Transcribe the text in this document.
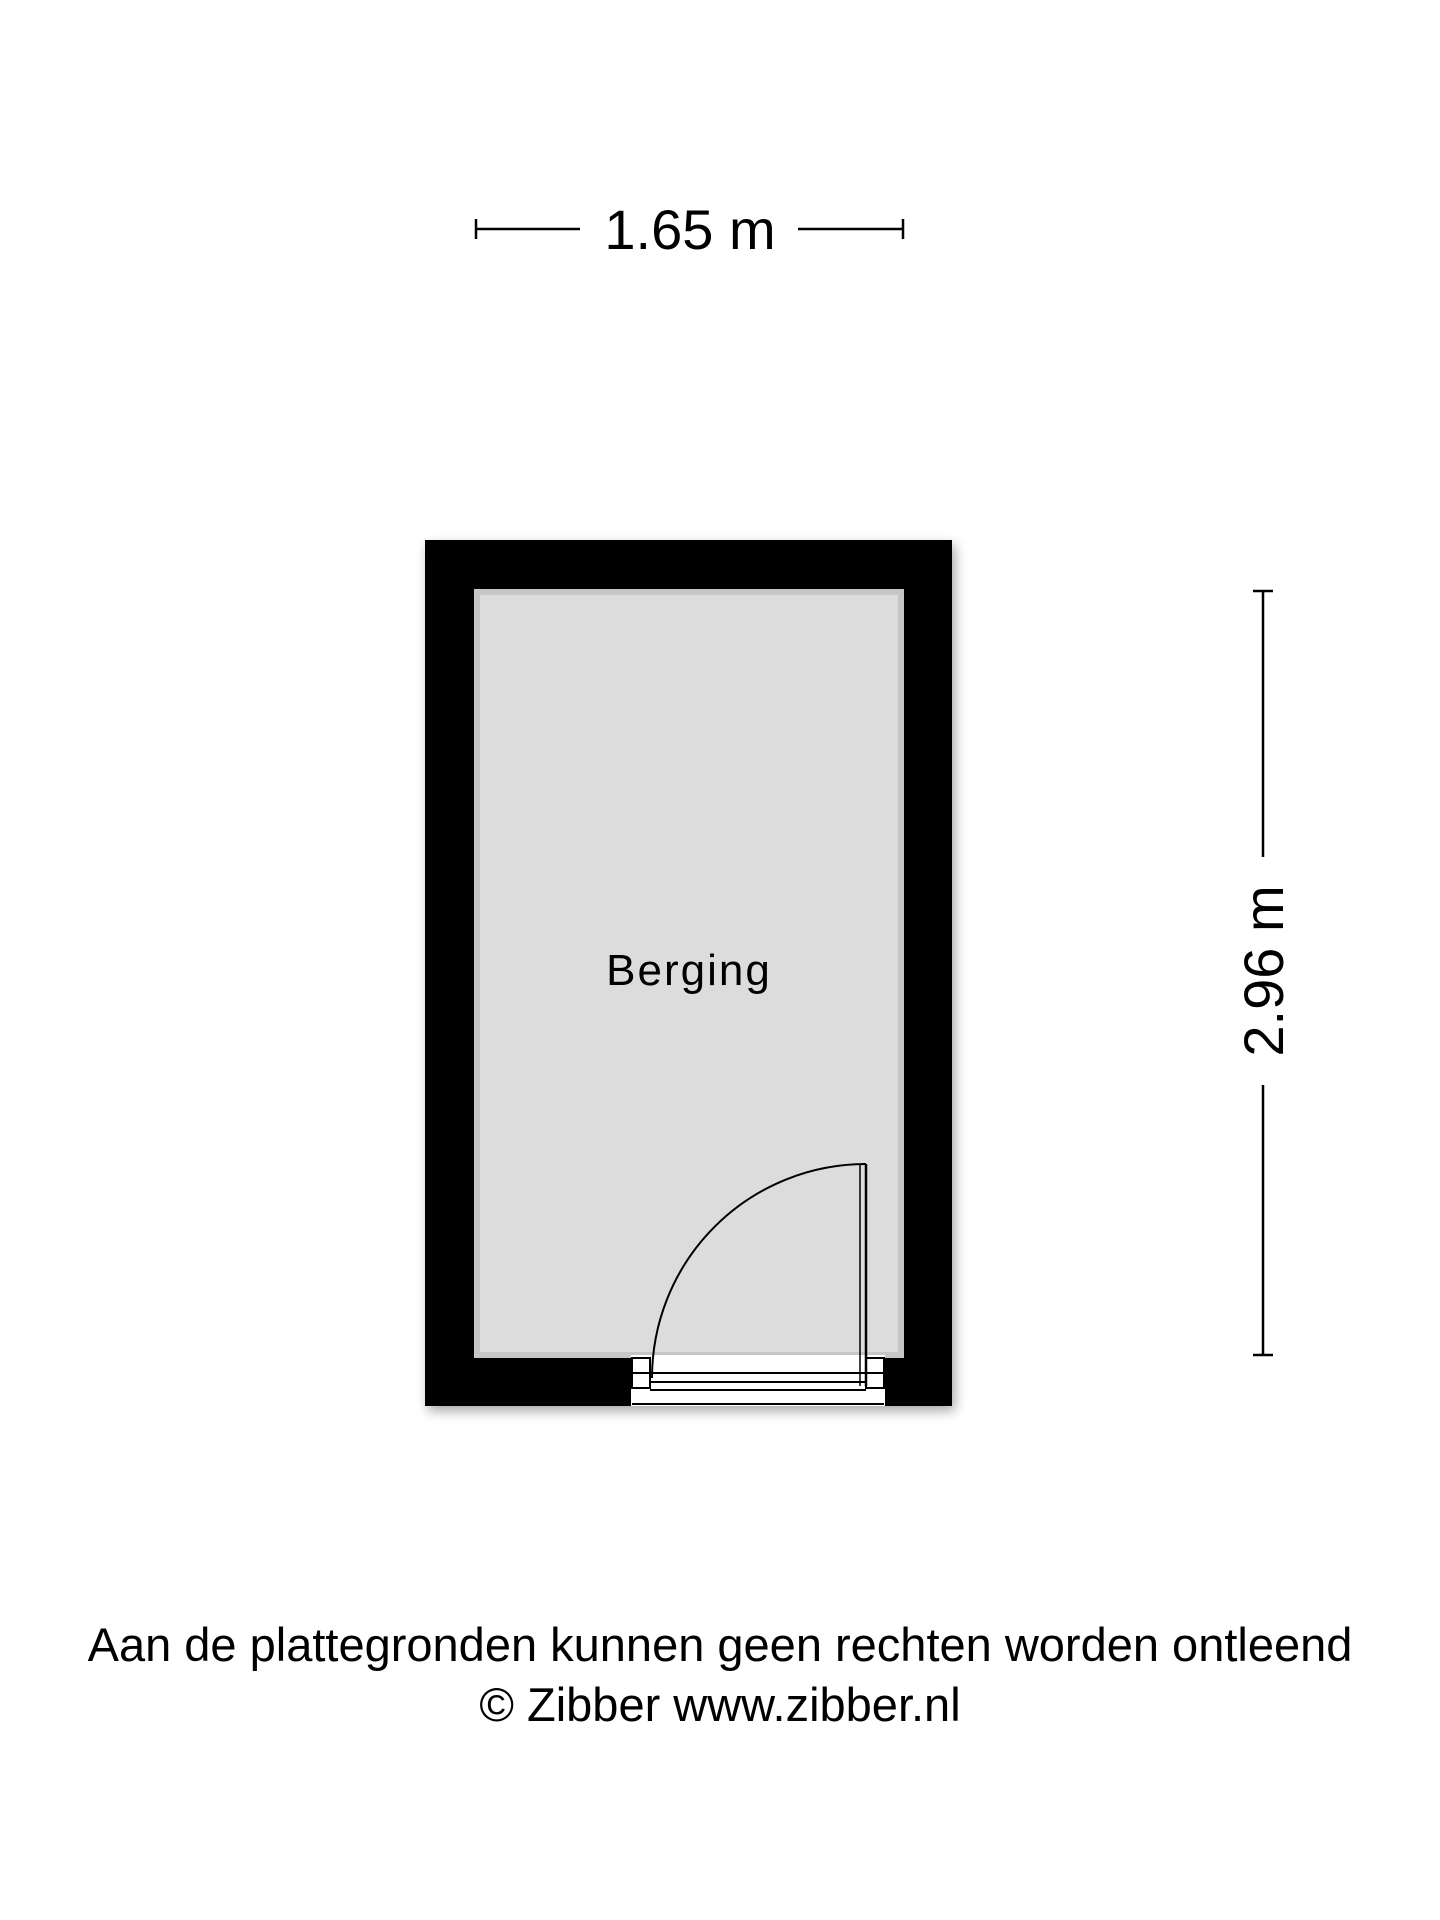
1.65 m
2.96 m
Berging
Aan de plattegronden kunnen geen rechten worden ontleend
© Zibber www.zibber.nl
